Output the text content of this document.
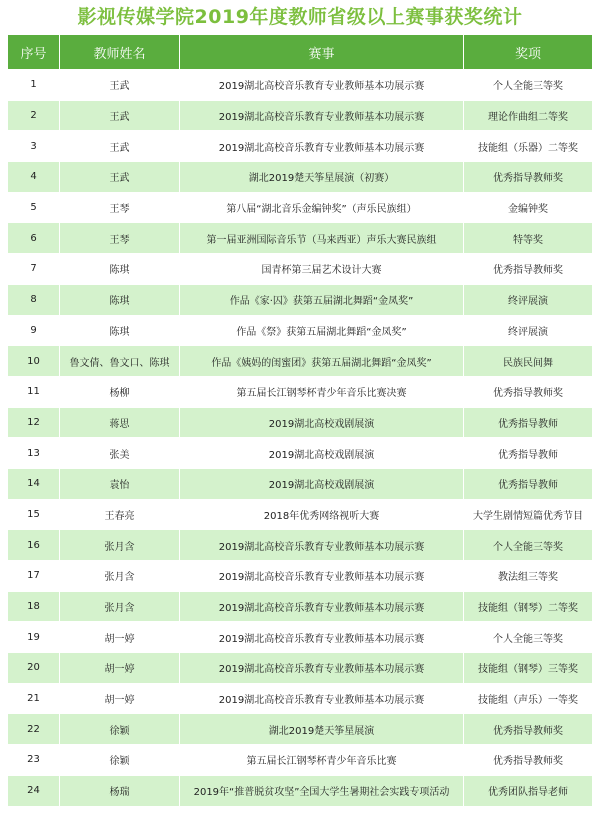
影视传媒学院2019年度教师省级以上赛事获奖统计
序号	教师姓名	赛事	奖项
1	王武	2019湖北高校音乐教育专业教师基本功展示赛	个人全能三等奖
2	王武	2019湖北高校音乐教育专业教师基本功展示赛	理论作曲组二等奖
3	王武	2019湖北高校音乐教育专业教师基本功展示赛	技能组（乐器）二等奖
4	王武	湖北2019楚天筝星展演（初赛）	优秀指导教师奖
5	王琴	第八届“湖北音乐金编钟奖”（声乐民族组）	金编钟奖
6	王琴	第一届亚洲国际音乐节（马来西亚）声乐大赛民族组	特等奖
7	陈琪	国青杯第三届艺术设计大赛	优秀指导教师奖
8	陈琪	作品《家·囚》获第五届湖北舞蹈“金凤奖”	终评展演
9	陈琪	作品《祭》获第五届湖北舞蹈“金凤奖”	终评展演
10	鲁文倩、鲁文口、陈琪	作品《姨妈的闺蜜团》获第五届湖北舞蹈“金凤奖”	民族民间舞
11	杨柳	第五届长江钢琴杯青少年音乐比赛决赛	优秀指导教师奖
12	蒋思	2019湖北高校戏剧展演	优秀指导教师
13	张美	2019湖北高校戏剧展演	优秀指导教师
14	袁怡	2019湖北高校戏剧展演	优秀指导教师
15	王春亮	2018年优秀网络视听大赛	大学生剧情短篇优秀节目
16	张月含	2019湖北高校音乐教育专业教师基本功展示赛	个人全能三等奖
17	张月含	2019湖北高校音乐教育专业教师基本功展示赛	教法组三等奖
18	张月含	2019湖北高校音乐教育专业教师基本功展示赛	技能组（钢琴）二等奖
19	胡一婷	2019湖北高校音乐教育专业教师基本功展示赛	个人全能三等奖
20	胡一婷	2019湖北高校音乐教育专业教师基本功展示赛	技能组（钢琴）三等奖
21	胡一婷	2019湖北高校音乐教育专业教师基本功展示赛	技能组（声乐）一等奖
22	徐颖	湖北2019楚天筝星展演	优秀指导教师奖
23	徐颖	第五届长江钢琴杯青少年音乐比赛	优秀指导教师奖
24	杨瑞	2019年“推普脱贫攻坚”全国大学生暑期社会实践专项活动	优秀团队指导老师
